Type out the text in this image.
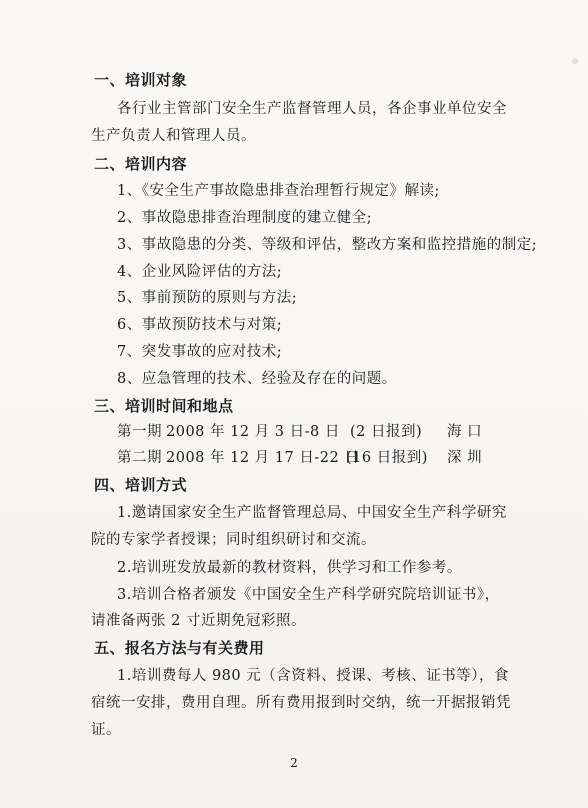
一、培训对象
各行业主管部门安全生产监督管理人员，各企事业单位安全
生产负责人和管理人员。
二、培训内容
1、《安全生产事故隐患排查治理暂行规定》解读;
2、事故隐患排查治理制度的建立健全;
3、事故隐患的分类、等级和评估，整改方案和监控措施的制定;
4、企业风险评估的方法;
5、事前预防的原则与方法;
6、事故预防技术与对策;
7、突发事故的应对技术;
8、应急管理的技术、经验及存在的问题。
三、培训时间和地点
第一期 2008 年 12 月 3 日-8 日 (2 日报到) 海 口
第二期 2008 年 12 月 17 日-22 日
(16 日报到) 深 圳
四、培训方式
1.邀请国家安全生产监督管理总局、中国安全生产科学研究
院的专家学者授课；同时组织研讨和交流。
2.培训班发放最新的教材资料，供学习和工作参考。
3.培训合格者颁发《中国安全生产科学研究院培训证书》，
请准备两张 2 寸近期免冠彩照。
五、报名方法与有关费用
1.培训费每人 980 元（含资料、授课、考核、证书等），食
宿统一安排，费用自理。所有费用报到时交纳，统一开据报销凭
证。
2
